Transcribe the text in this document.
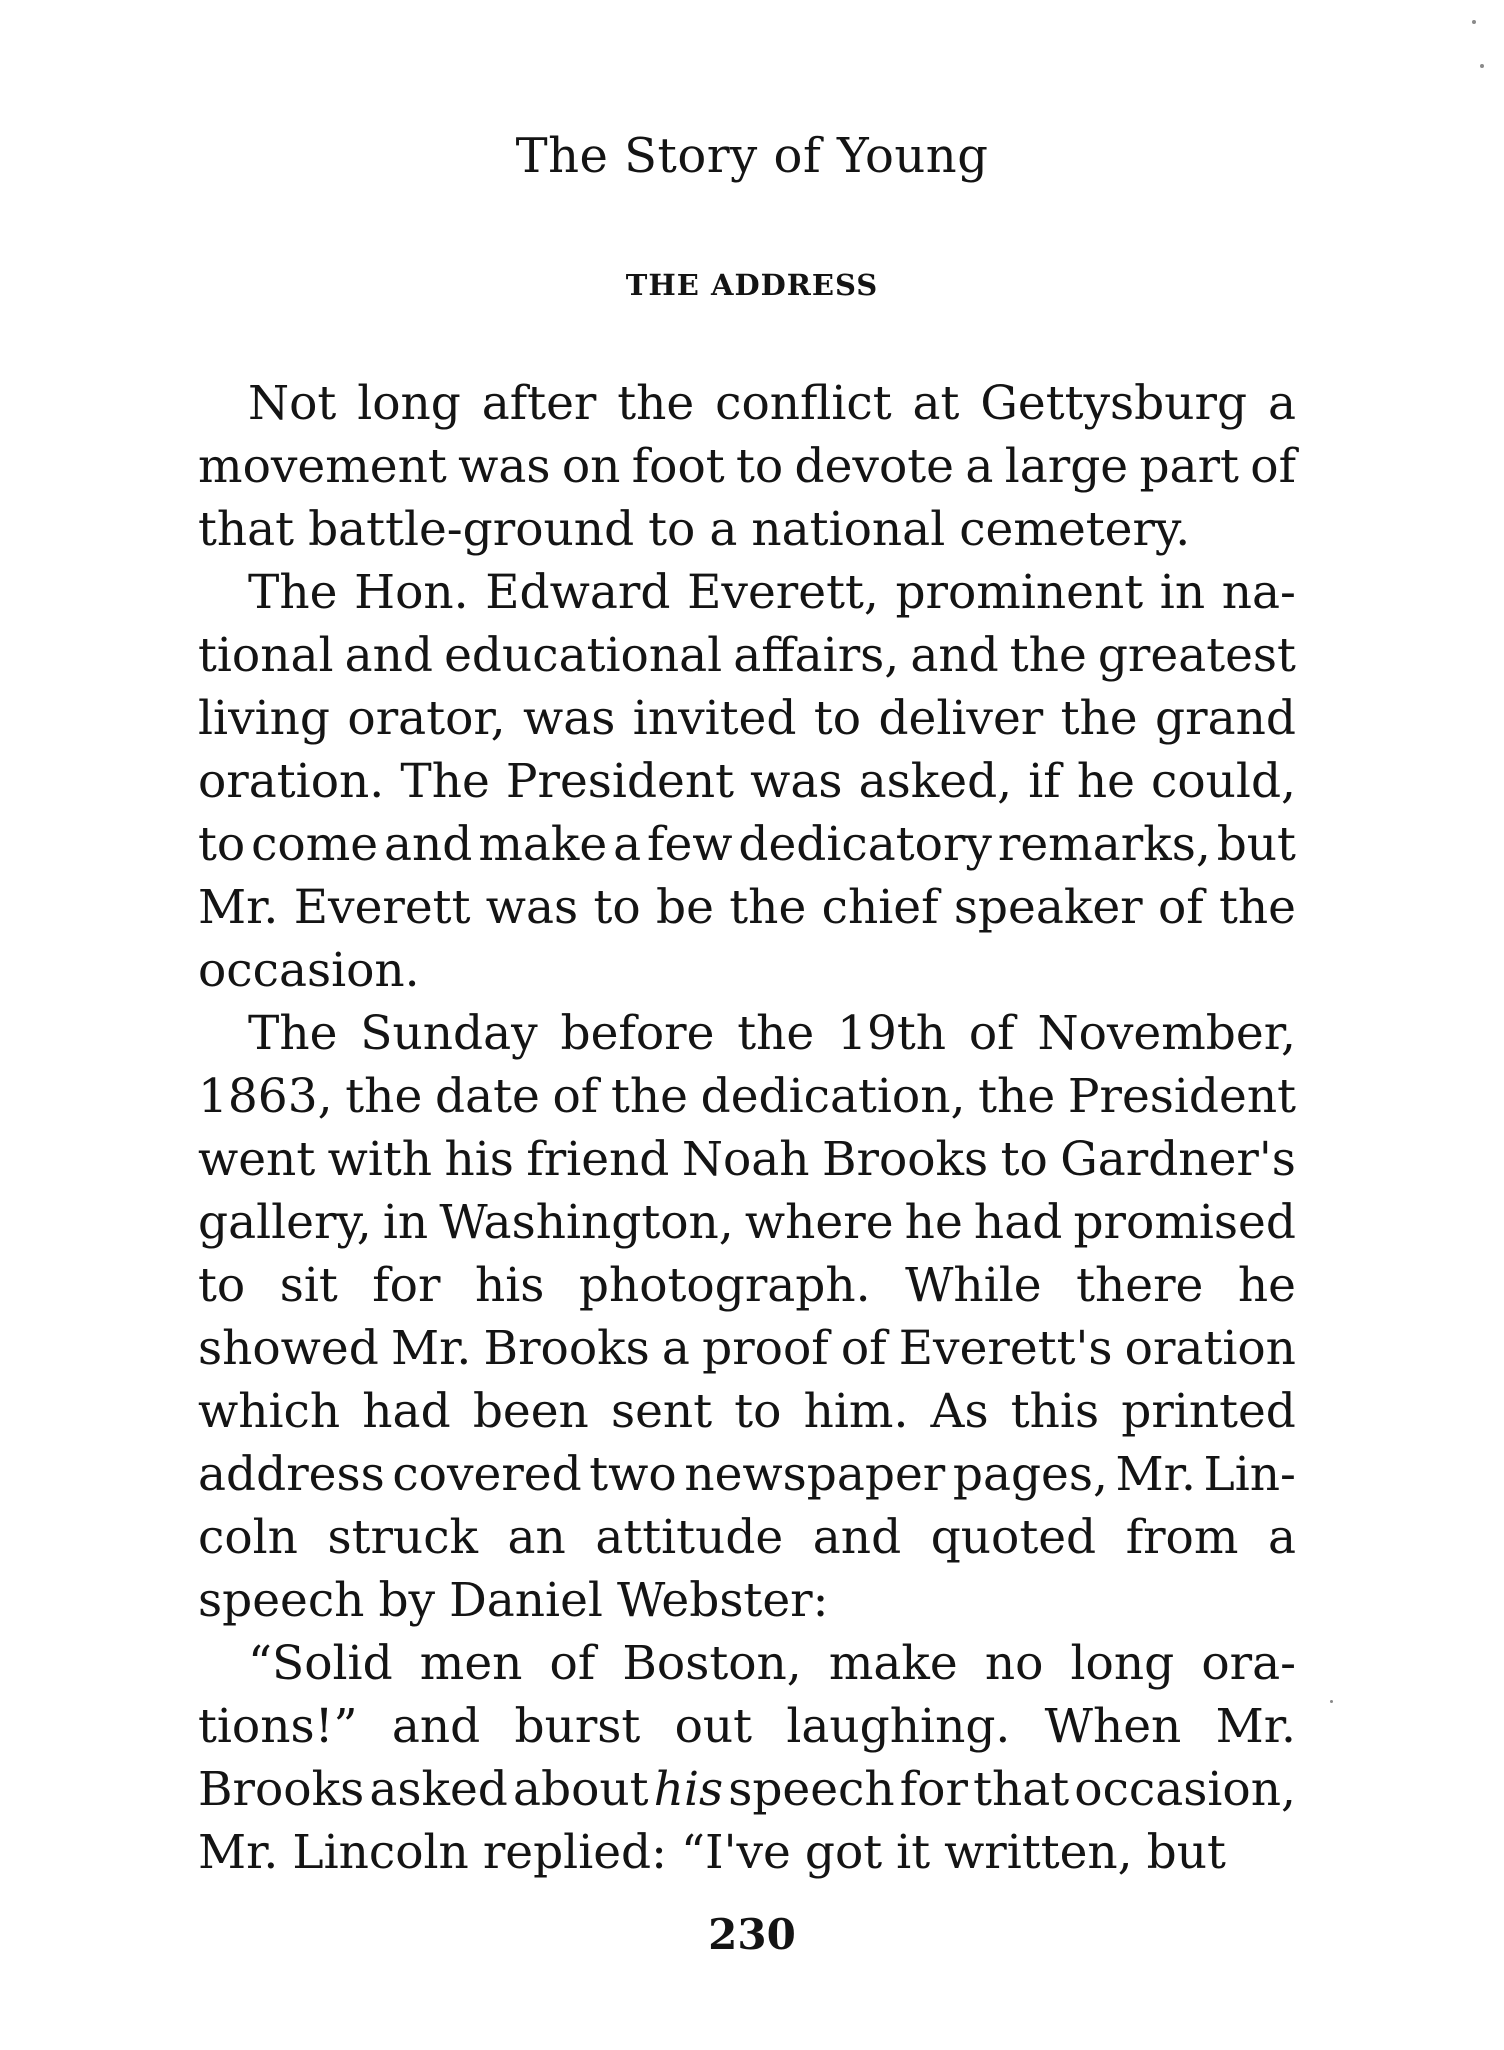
The Story of Young
THE ADDRESS
Not long after the conflict at Gettysburg a
movement was on foot to devote a large part of
that battle-ground to a national cemetery.
The Hon. Edward Everett, prominent in na-
tional and educational affairs, and the greatest
living orator, was invited to deliver the grand
oration. The President was asked, if he could,
to come and make a few dedicatory remarks, but
Mr. Everett was to be the chief speaker of the
occasion.
The Sunday before the 19th of November,
1863, the date of the dedication, the President
went with his friend Noah Brooks to Gardner's
gallery, in Washington, where he had promised
to sit for his photograph. While there he
showed Mr. Brooks a proof of Everett's oration
which had been sent to him. As this printed
address covered two newspaper pages, Mr. Lin-
coln struck an attitude and quoted from a
speech by Daniel Webster:
“Solid men of Boston, make no long ora-
tions!” and burst out laughing. When Mr.
Brooks asked about his speech for that occasion,
Mr. Lincoln replied: “I've got it written, but
230
